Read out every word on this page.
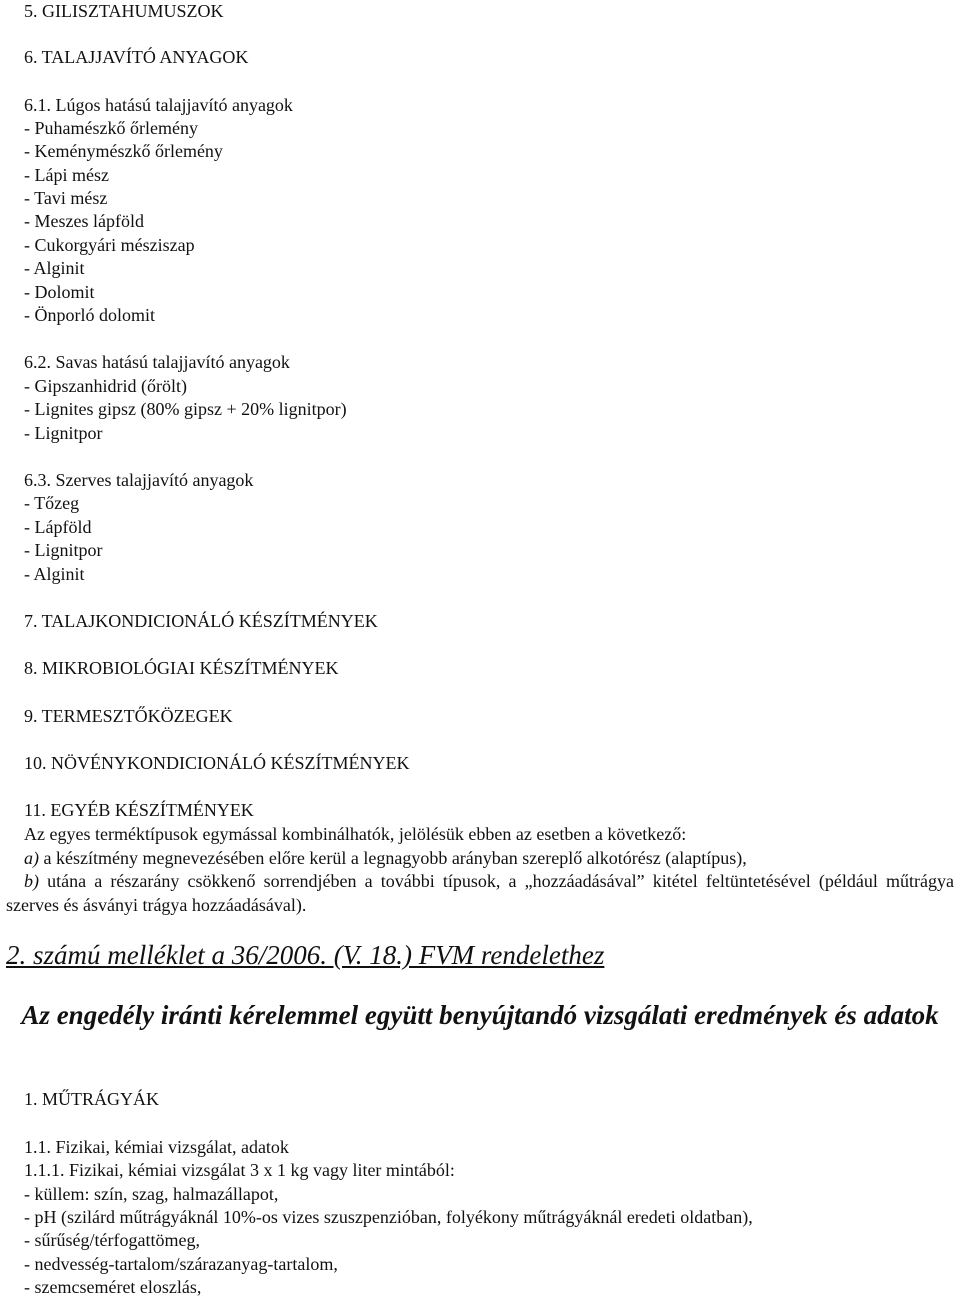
5. GILISZTAHUMUSZOK
6. TALAJJAVÍTÓ ANYAGOK
6.1. Lúgos hatású talajjavító anyagok
- Puhamészkő őrlemény
- Keménymészkő őrlemény
- Lápi mész
- Tavi mész
- Meszes lápföld
- Cukorgyári mésziszap
- Alginit
- Dolomit
- Önporló dolomit
6.2. Savas hatású talajjavító anyagok
- Gipszanhidrid (őrölt)
- Lignites gipsz (80% gipsz + 20% lignitpor)
- Lignitpor
6.3. Szerves talajjavító anyagok
- Tőzeg
- Lápföld
- Lignitpor
- Alginit
7. TALAJKONDICIONÁLÓ KÉSZÍTMÉNYEK
8. MIKROBIOLÓGIAI KÉSZÍTMÉNYEK
9. TERMESZTŐKÖZEGEK
10. NÖVÉNYKONDICIONÁLÓ KÉSZÍTMÉNYEK
11. EGYÉB KÉSZÍTMÉNYEK
Az egyes terméktípusok egymással kombinálhatók, jelölésük ebben az esetben a következő:
a) a készítmény megnevezésében előre kerül a legnagyobb arányban szereplő alkotórész (alaptípus),
b) utána a részarány csökkenő sorrendjében a további típusok, a „hozzáadásával” kitétel feltüntetésével (például műtrágya szerves és ásványi trágya hozzáadásával).
2. számú melléklet a 36/2006. (V. 18.) FVM rendelethez
Az engedély iránti kérelemmel együtt benyújtandó vizsgálati eredmények és adatok
1. MŰTRÁGYÁK
1.1. Fizikai, kémiai vizsgálat, adatok
1.1.1. Fizikai, kémiai vizsgálat 3 x 1 kg vagy liter mintából:
- küllem: szín, szag, halmazállapot,
- pH (szilárd műtrágyáknál 10%-os vizes szuszpenzióban, folyékony műtrágyáknál eredeti oldatban),
- sűrűség/térfogattömeg,
- nedvesség-tartalom/szárazanyag-tartalom,
- szemcseméret eloszlás,
